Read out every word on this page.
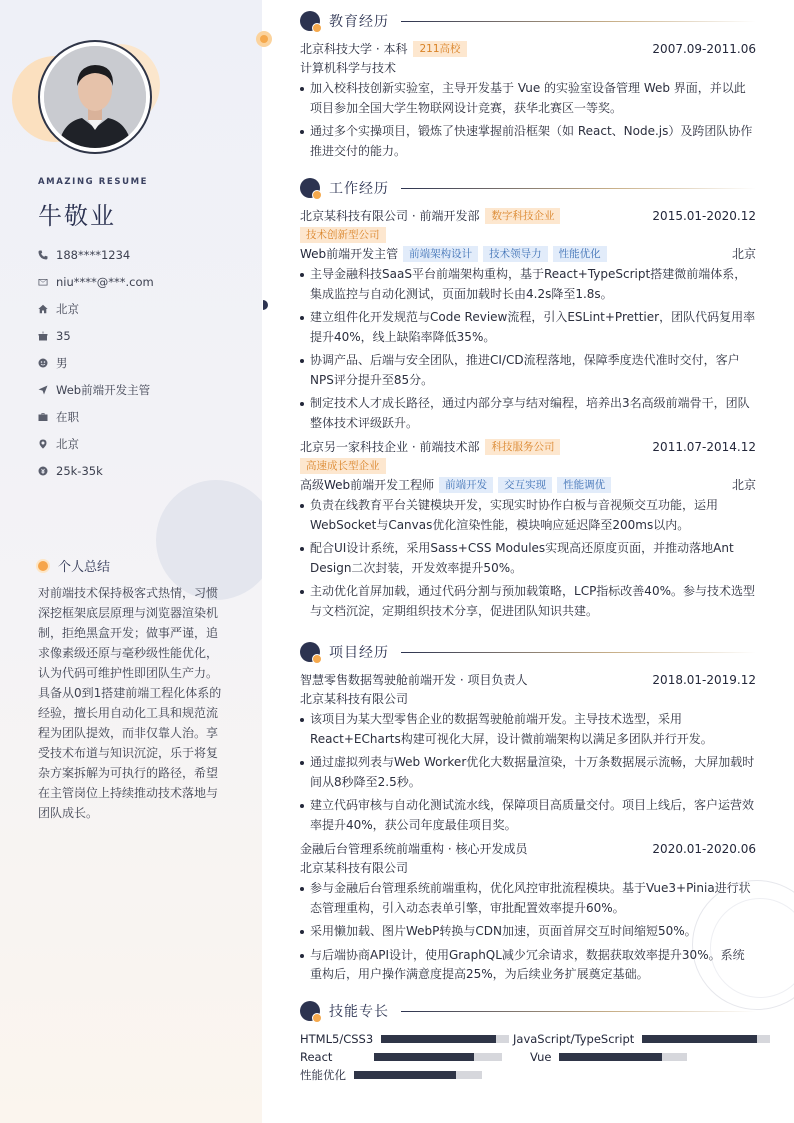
AMAZING RESUME
牛敬业
188****1234
niu****@***.com
北京
35
男
Web前端开发主管
在职
北京
25k-35k
个人总结
对前端技术保持极客式热情，习惯深挖框架底层原理与浏览器渲染机制，拒绝黑盒开发；做事严谨，追求像素级还原与毫秒级性能优化，认为代码可维护性即团队生产力。具备从0到1搭建前端工程化体系的经验，擅长用自动化工具和规范流程为团队提效，而非仅靠人治。享受技术布道与知识沉淀，乐于将复杂方案拆解为可执行的路径，希望在主管岗位上持续推动技术落地与团队成长。
教育经历
北京科技大学 · 本科	211高校	2007.09-2011.06
计算机科学与技术
加入校科技创新实验室，主导开发基于 Vue 的实验室设备管理 Web 界面，并以此项目参加全国大学生物联网设计竞赛，获华北赛区一等奖。
通过多个实操项目，锻炼了快速掌握前沿框架（如 React、Node.js）及跨团队协作推进交付的能力。
工作经历
北京某科技有限公司 · 前端开发部	数字科技企业	2015.01-2020.12
技术创新型公司
Web前端开发主管	前端架构设计	技术领导力	性能优化	北京
主导金融科技SaaS平台前端架构重构，基于React+TypeScript搭建微前端体系，集成监控与自动化测试，页面加载时长由4.2s降至1.8s。
建立组件化开发规范与Code Review流程，引入ESLint+Prettier，团队代码复用率提升40%，线上缺陷率降低35%。
协调产品、后端与安全团队，推进CI/CD流程落地，保障季度迭代准时交付，客户NPS评分提升至85分。
制定技术人才成长路径，通过内部分享与结对编程，培养出3名高级前端骨干，团队整体技术评级跃升。
北京另一家科技企业 · 前端技术部	科技服务公司	2011.07-2014.12
高速成长型企业
高级Web前端开发工程师	前端开发	交互实现	性能调优	北京
负责在线教育平台关键模块开发，实现实时协作白板与音视频交互功能，运用WebSocket与Canvas优化渲染性能，模块响应延迟降至200ms以内。
配合UI设计系统，采用Sass+CSS Modules实现高还原度页面，并推动落地Ant Design二次封装，开发效率提升50%。
主动优化首屏加载，通过代码分割与预加载策略，LCP指标改善40%。参与技术选型与文档沉淀，定期组织技术分享，促进团队知识共建。
项目经历
智慧零售数据驾驶舱前端开发 · 项目负责人	2018.01-2019.12
北京某科技有限公司
该项目为某大型零售企业的数据驾驶舱前端开发。主导技术选型，采用React+ECharts构建可视化大屏，设计微前端架构以满足多团队并行开发。
通过虚拟列表与Web Worker优化大数据量渲染，十万条数据展示流畅，大屏加载时间从8秒降至2.5秒。
建立代码审核与自动化测试流水线，保障项目高质量交付。项目上线后，客户运营效率提升40%，获公司年度最佳项目奖。
金融后台管理系统前端重构 · 核心开发成员	2020.01-2020.06
北京某科技有限公司
参与金融后台管理系统前端重构，优化风控审批流程模块。基于Vue3+Pinia进行状态管理重构，引入动态表单引擎，审批配置效率提升60%。
采用懒加载、图片WebP转换与CDN加速，页面首屏交互时间缩短50%。
与后端协商API设计，使用GraphQL减少冗余请求，数据获取效率提升30%。系统重构后，用户操作满意度提高25%，为后续业务扩展奠定基础。
技能专长
HTML5/CSS3	JavaScript/TypeScript
React	Vue
性能优化
